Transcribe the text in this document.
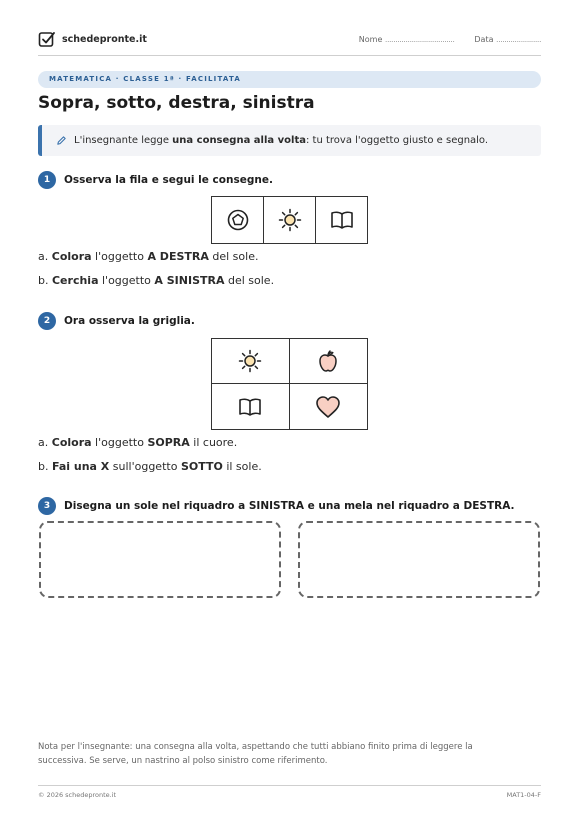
schedepronte.it	Nome ..................................	Data ......................
MATEMATICA · CLASSE 1ª · FACILITATA
Sopra, sotto, destra, sinistra
L'insegnante legge una consegna alla volta: tu trova l'oggetto giusto e segnalo.
1	Osserva la fila e segui le consegne.
a. Colora l'oggetto A DESTRA del sole.
b. Cerchia l'oggetto A SINISTRA del sole.
2	Ora osserva la griglia.
a. Colora l'oggetto SOPRA il cuore.
b. Fai una X sull'oggetto SOTTO il sole.
3	Disegna un sole nel riquadro a SINISTRA e una mela nel riquadro a DESTRA.
Nota per l'insegnante: una consegna alla volta, aspettando che tutti abbiano finito prima di leggere la successiva. Se serve, un nastrino al polso sinistro come riferimento.
© 2026 schedepronte.it	MAT1-04-F
